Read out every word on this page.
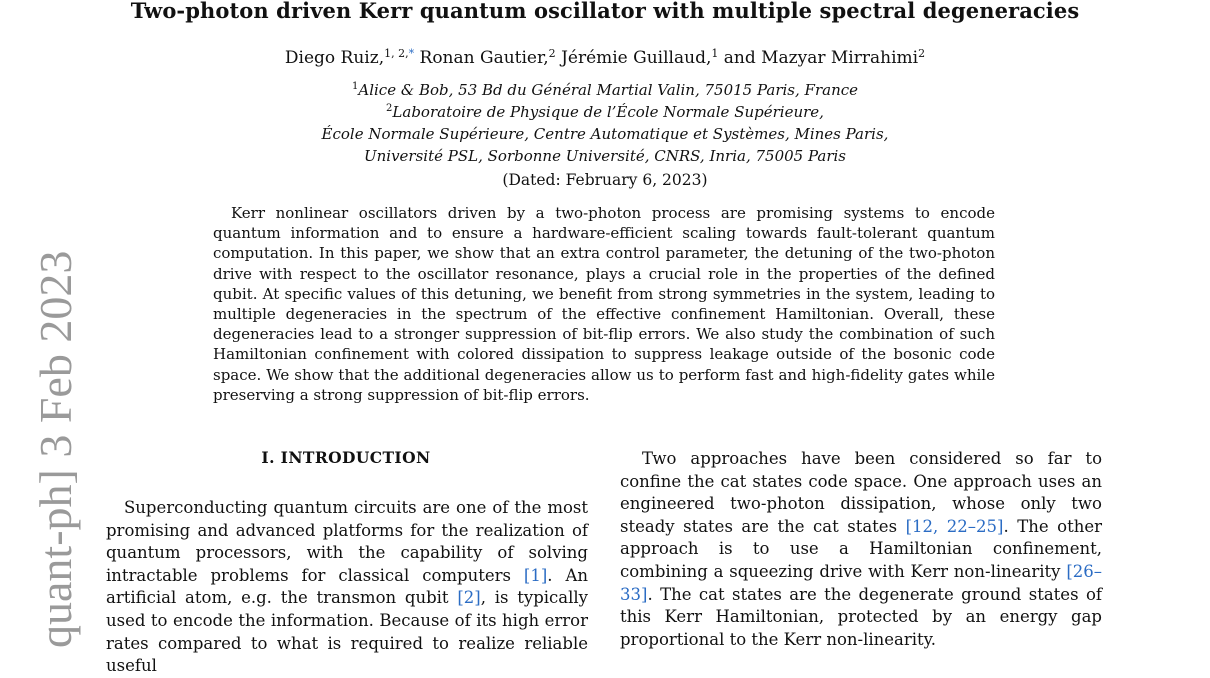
Two-photon driven Kerr quantum oscillator with multiple spectral degeneracies
Diego Ruiz,$^{1, 2,*}$ Ronan Gautier,$^2$ Jérémie Guillaud,$^1$ and Mazyar Mirrahimi$^2$
$^1$Alice & Bob, 53 Bd du Général Martial Valin, 75015 Paris, France
$^2$Laboratoire de Physique de l’École Normale Supérieure,
École Normale Supérieure, Centre Automatique et Systèmes, Mines Paris,
Université PSL, Sorbonne Université, CNRS, Inria, 75005 Paris
(Dated: February 6, 2023)
Kerr nonlinear oscillators driven by a two-photon process are promising systems to encode quantum information and to ensure a hardware-efficient scaling towards fault-tolerant quantum computation. In this paper, we show that an extra control parameter, the detuning of the two-photon drive with respect to the oscillator resonance, plays a crucial role in the properties of the defined qubit. At specific values of this detuning, we benefit from strong symmetries in the system, leading to multiple degeneracies in the spectrum of the effective confinement Hamiltonian. Overall, these degeneracies lead to a stronger suppression of bit-flip errors. We also study the combination of such Hamiltonian confinement with colored dissipation to suppress leakage outside of the bosonic code space. We show that the additional degeneracies allow us to perform fast and high-fidelity gates while preserving a strong suppression of bit-flip errors.
quant-ph] 3 Feb 2023	I. INTRODUCTION
Superconducting quantum circuits are one of the most promising and advanced platforms for the realization of quantum processors, with the capability of solving intractable problems for classical computers [1]. An artificial atom, e.g. the transmon qubit [2], is typically used to encode the information. Because of its high error rates compared to what is required to realize reliable useful
Two approaches have been considered so far to confine the cat states code space. One approach uses an engineered two-photon dissipation, whose only two steady states are the cat states [12, 22–25]. The other approach is to use a Hamiltonian confinement, combining a squeezing drive with Kerr non-linearity [26–33]. The cat states are the degenerate ground states of this Kerr Hamiltonian, protected by an energy gap proportional to the Kerr non-linearity.
